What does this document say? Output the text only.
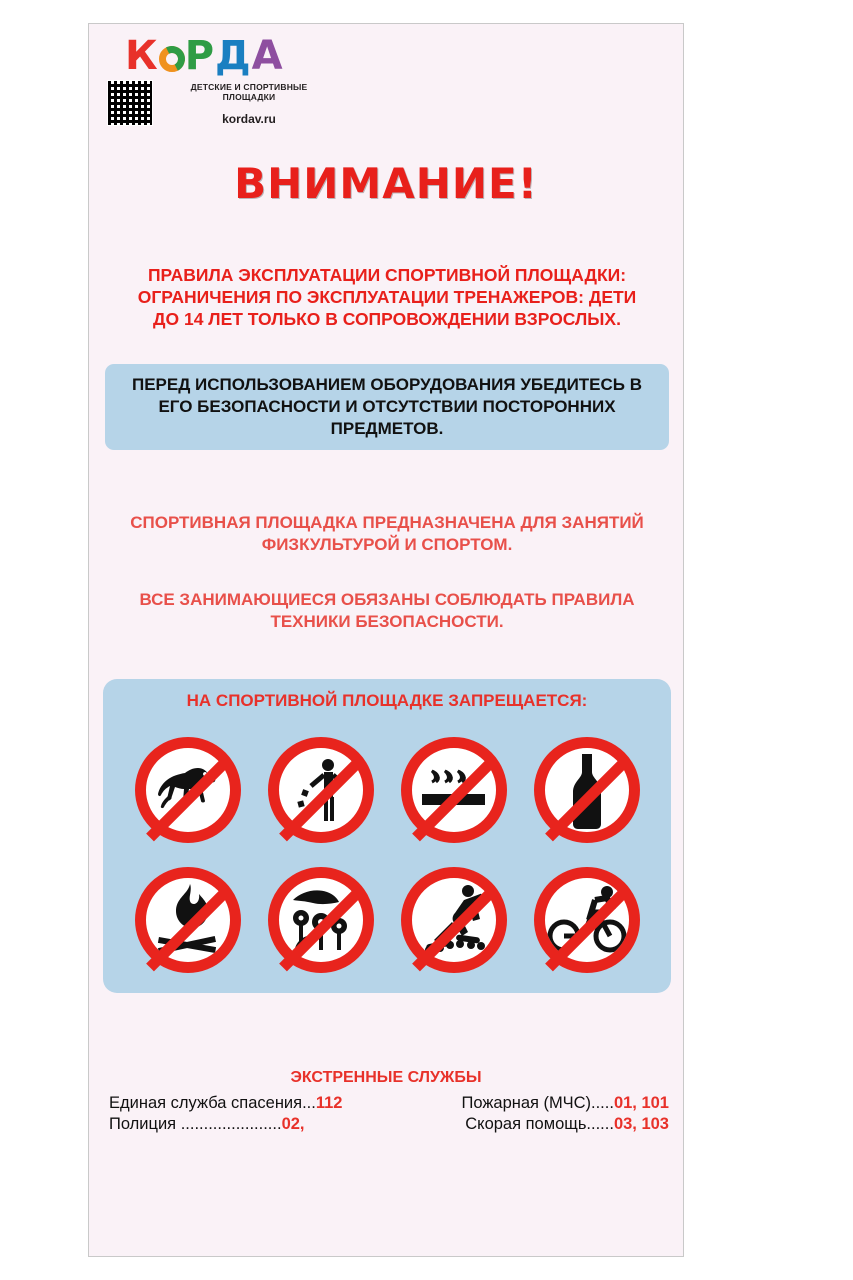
К РДА
ДЕТСКИЕ И СПОРТИВНЫЕ ПЛОЩАДКИ
kordav.ru
ВНИМАНИЕ!
ПРАВИЛА ЭКСПЛУАТАЦИИ СПОРТИВНОЙ ПЛОЩАДКИ: ОГРАНИЧЕНИЯ ПО ЭКСПЛУАТАЦИИ ТРЕНАЖЕРОВ: ДЕТИ ДО 14 ЛЕТ ТОЛЬКО В СОПРОВОЖДЕНИИ ВЗРОСЛЫХ.
ПЕРЕД ИСПОЛЬЗОВАНИЕМ ОБОРУДОВАНИЯ УБЕДИТЕСЬ В ЕГО БЕЗОПАСНОСТИ И ОТСУТСТВИИ ПОСТОРОННИХ ПРЕДМЕТОВ.
СПОРТИВНАЯ ПЛОЩАДКА ПРЕДНАЗНАЧЕНА ДЛЯ ЗАНЯТИЙ ФИЗКУЛЬТУРОЙ И СПОРТОМ.
ВСЕ ЗАНИМАЮЩИЕСЯ ОБЯЗАНЫ СОБЛЮДАТЬ ПРАВИЛА ТЕХНИКИ БЕЗОПАСНОСТИ.
НА СПОРТИВНОЙ ПЛОЩАДКЕ ЗАПРЕЩАЕТСЯ:
ЭКСТРЕННЫЕ СЛУЖБЫ
Единая служба спасения...112	Пожарная (МЧС).....01, 101
Полиция ......................02,	Скорая помощь......03, 103
